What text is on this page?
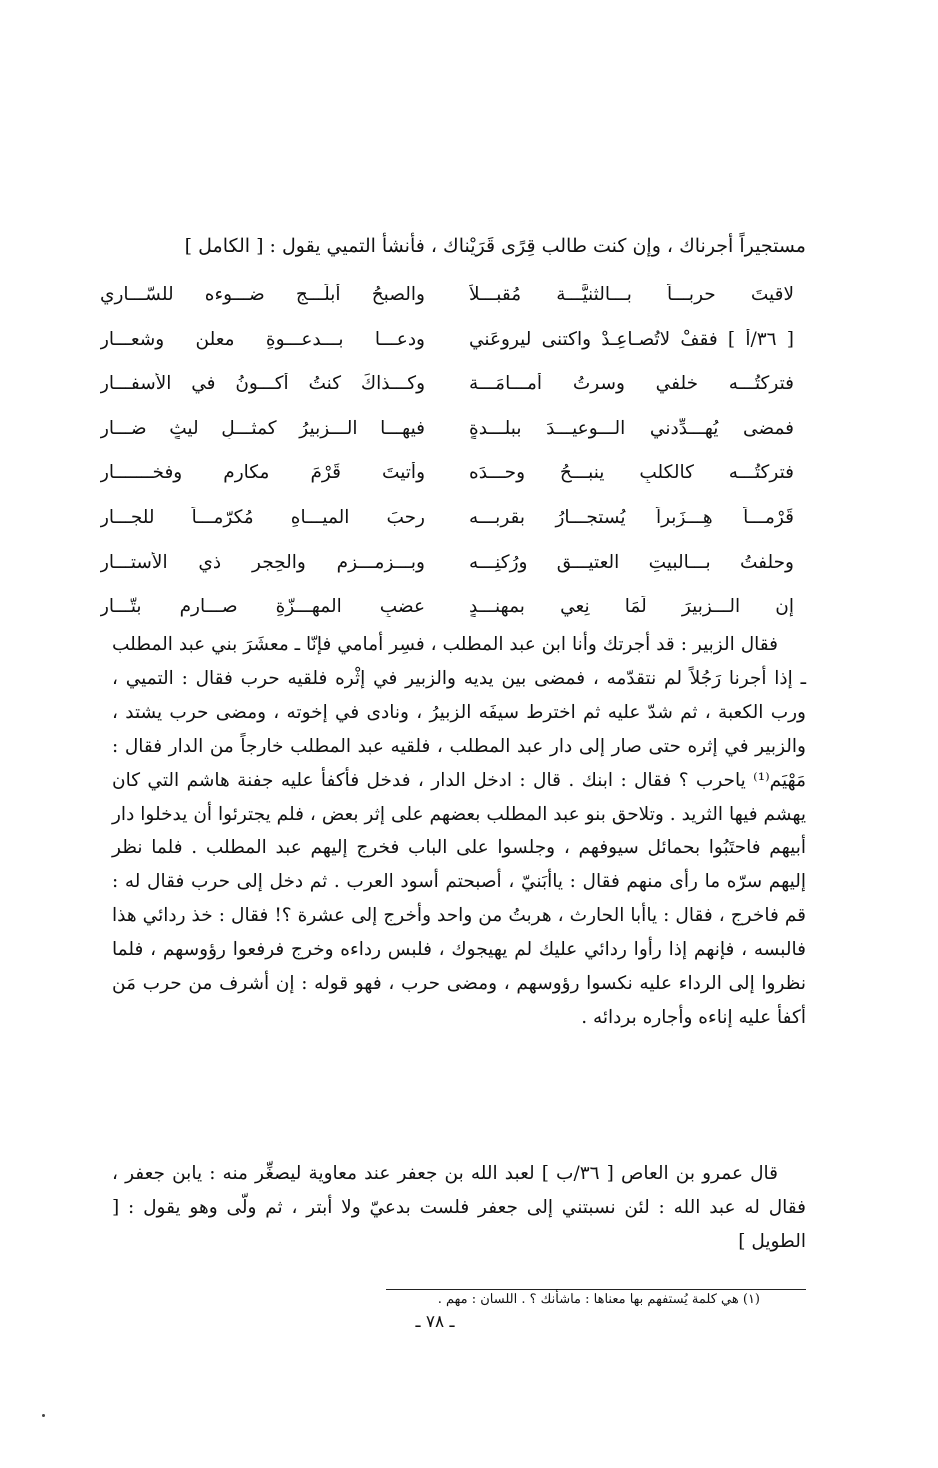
مستجيراً أجرناك ، وإن كنت طالب قِرًى قَرَيْناك ، فأنشأ التميي يقول : [ الكامل ]
لاقيتَ حربـــاً بـــالثنيَّـــة مُقبـــلاً
والصبحُ أبلَـــج ضـــوءه للسّـــاري
[ ٣٦/أ ] فقفْ لاتُصـاعِـدْ واكتنى ليروعَني
ودعـــا بـــدعـــوةِ معلنٍ وشعـــار
فتركتُـــه خلفي وسرتُ أمـــامَـــة
وكـــذاكَ كنتُ أكـــونُ في الأسفـــار
فمضى يُهـــدِّدني الـــوعيـــدَ ببلـــدةٍ
فيهـــا الـــزبيرُ كمثـــلِ ليثٍ ضـــار
فتركتُـــه كالكلبِ ينبـــحُ وحـــدَه
وأتيتَ قَرْمَ مكارمٍ وفخـــــــار
قَرْمـــاً هِـــزَبراً يُستجـــارُ بقربـــه
رحبَ الميـــاهِ مُكرّمـــاً للجـــار
وحلفتُ بـــالبيتِ العتيـــقِ ورُكنِـــه
وبـــزمـــزمٍ والحِجرِ ذي الأستـــار
إن الـــزبيرَ لَمَا نِعي بمهنـــدٍ
عضبِ المهـــزّةِ صـــارمٍ بتّـــار
فقال الزبير : قد أجرتك وأنا ابن عبد المطلب ، فسِر أمامي فإنّا ـ معشَرَ بني عبد المطلب ـ إذا أجرنا رَجُلاً لم نتقدّمه ، فمضى بين يديه والزبير في إثْره فلقيه حرب فقال : التميي ، ورب الكعبة ، ثم شدّ عليه ثم اخترط سيفَه الزبيرُ ، ونادى في إخوته ، ومضى حرب يشتد ، والزبير في إثره حتى صار إلى دار عبد المطلب ، فلقيه عبد المطلب خارجاً من الدار فقال : مَهْيَم⁽¹⁾ ياحرب ؟ فقال : ابنك . قال : ادخل الدار ، فدخل فأكفأ عليه جفنة هاشم التي كان يهشم فيها الثريد . وتلاحق بنو عبد المطلب بعضهم على إثر بعض ، فلم يجترئوا أن يدخلوا دار أبيهم فاحتَبُوا بحمائل سيوفهم ، وجلسوا على الباب فخرج إليهم عبد المطلب . فلما نظر إليهم سرّه ما رأى منهم فقال : ياأبَنيّ ، أصبحتم أسود العرب . ثم دخل إلى حرب فقال له : قم فاخرج ، فقال : ياأبا الحارث ، هربتُ من واحد وأخرج إلى عشرة ؟! فقال : خذ ردائي هذا فالبسه ، فإنهم إذا رأوا ردائي عليك لم يهيجوك ، فلبس رداءه وخرج فرفعوا رؤوسهم ، فلما نظروا إلى الرداء عليه نكسوا رؤوسهم ، ومضى حرب ، فهو قوله : إن أشرف من حرب مَن أكفأ عليه إناءه وأجاره بردائه .
قال عمرو بن العاص [ ٣٦/ب ] لعبد الله بن جعفر عند معاوية ليصغِّر منه : يابن جعفر ، فقال له عبد الله : لئن نسبتني إلى جعفر فلست بدعيّ ولا أبتر ، ثم ولّى وهو يقول : [ الطويل ]
(١) هي كلمة يُستفهم بها معناها : ماشأنك ؟ . اللسان : مهم .
ـ ٧٨ ـ
